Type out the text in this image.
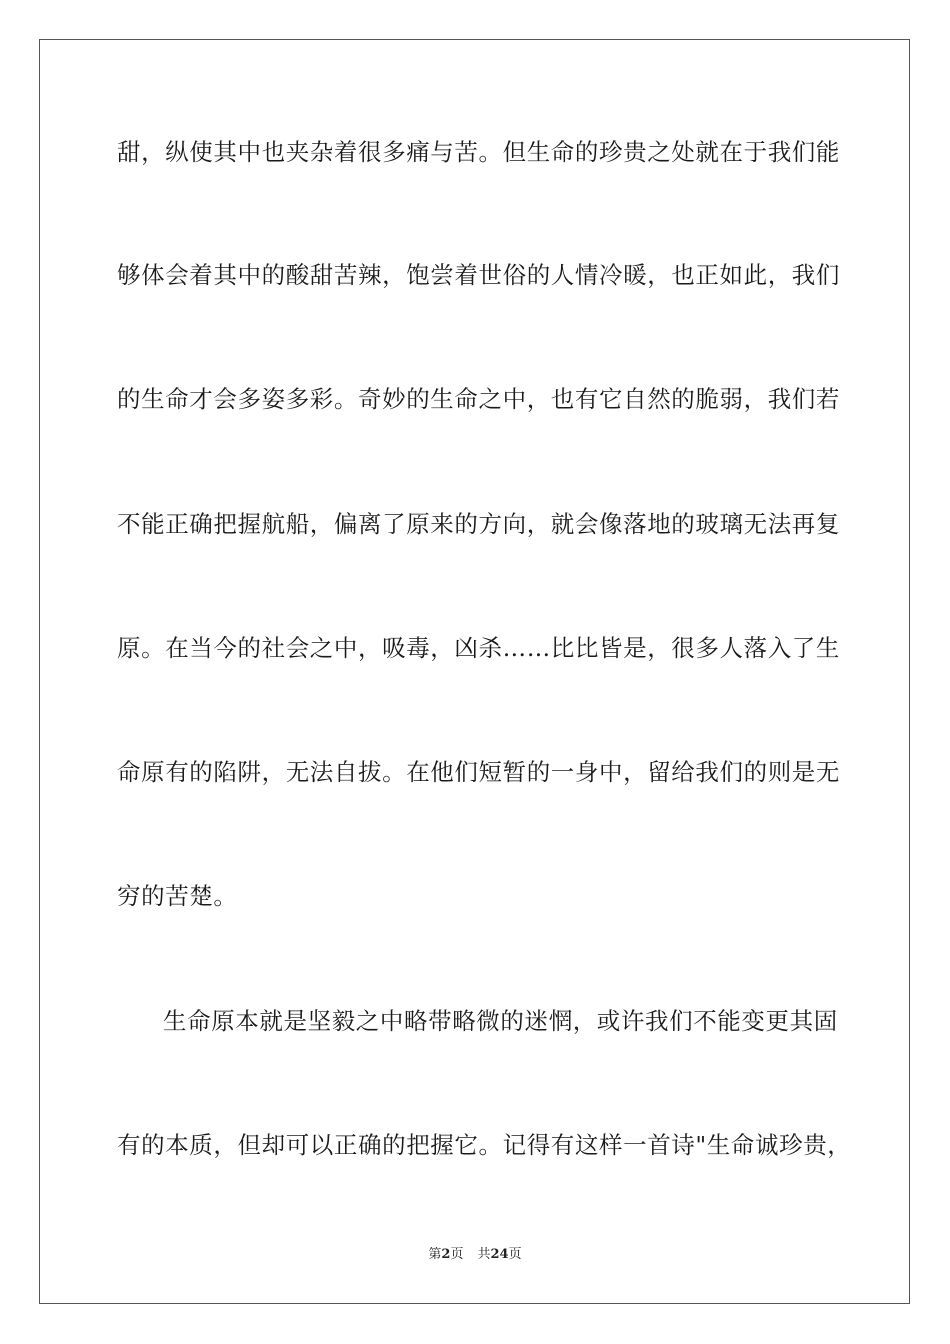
甜，纵使其中也夹杂着很多痛与苦。但生命的珍贵之处就在于我们能
够体会着其中的酸甜苦辣，饱尝着世俗的人情冷暖，也正如此，我们
的生命才会多姿多彩。奇妙的生命之中，也有它自然的脆弱，我们若
不能正确把握航船，偏离了原来的方向，就会像落地的玻璃无法再复
原。在当今的社会之中，吸毒，凶杀……比比皆是，很多人落入了生
命原有的陷阱，无法自拔。在他们短暂的一身中，留给我们的则是无
穷的苦楚。
生命原本就是坚毅之中略带略微的迷惘，或许我们不能变更其固
有的本质，但却可以正确的把握它。记得有这样一首诗"生命诚珍贵，
第2页 共24页
